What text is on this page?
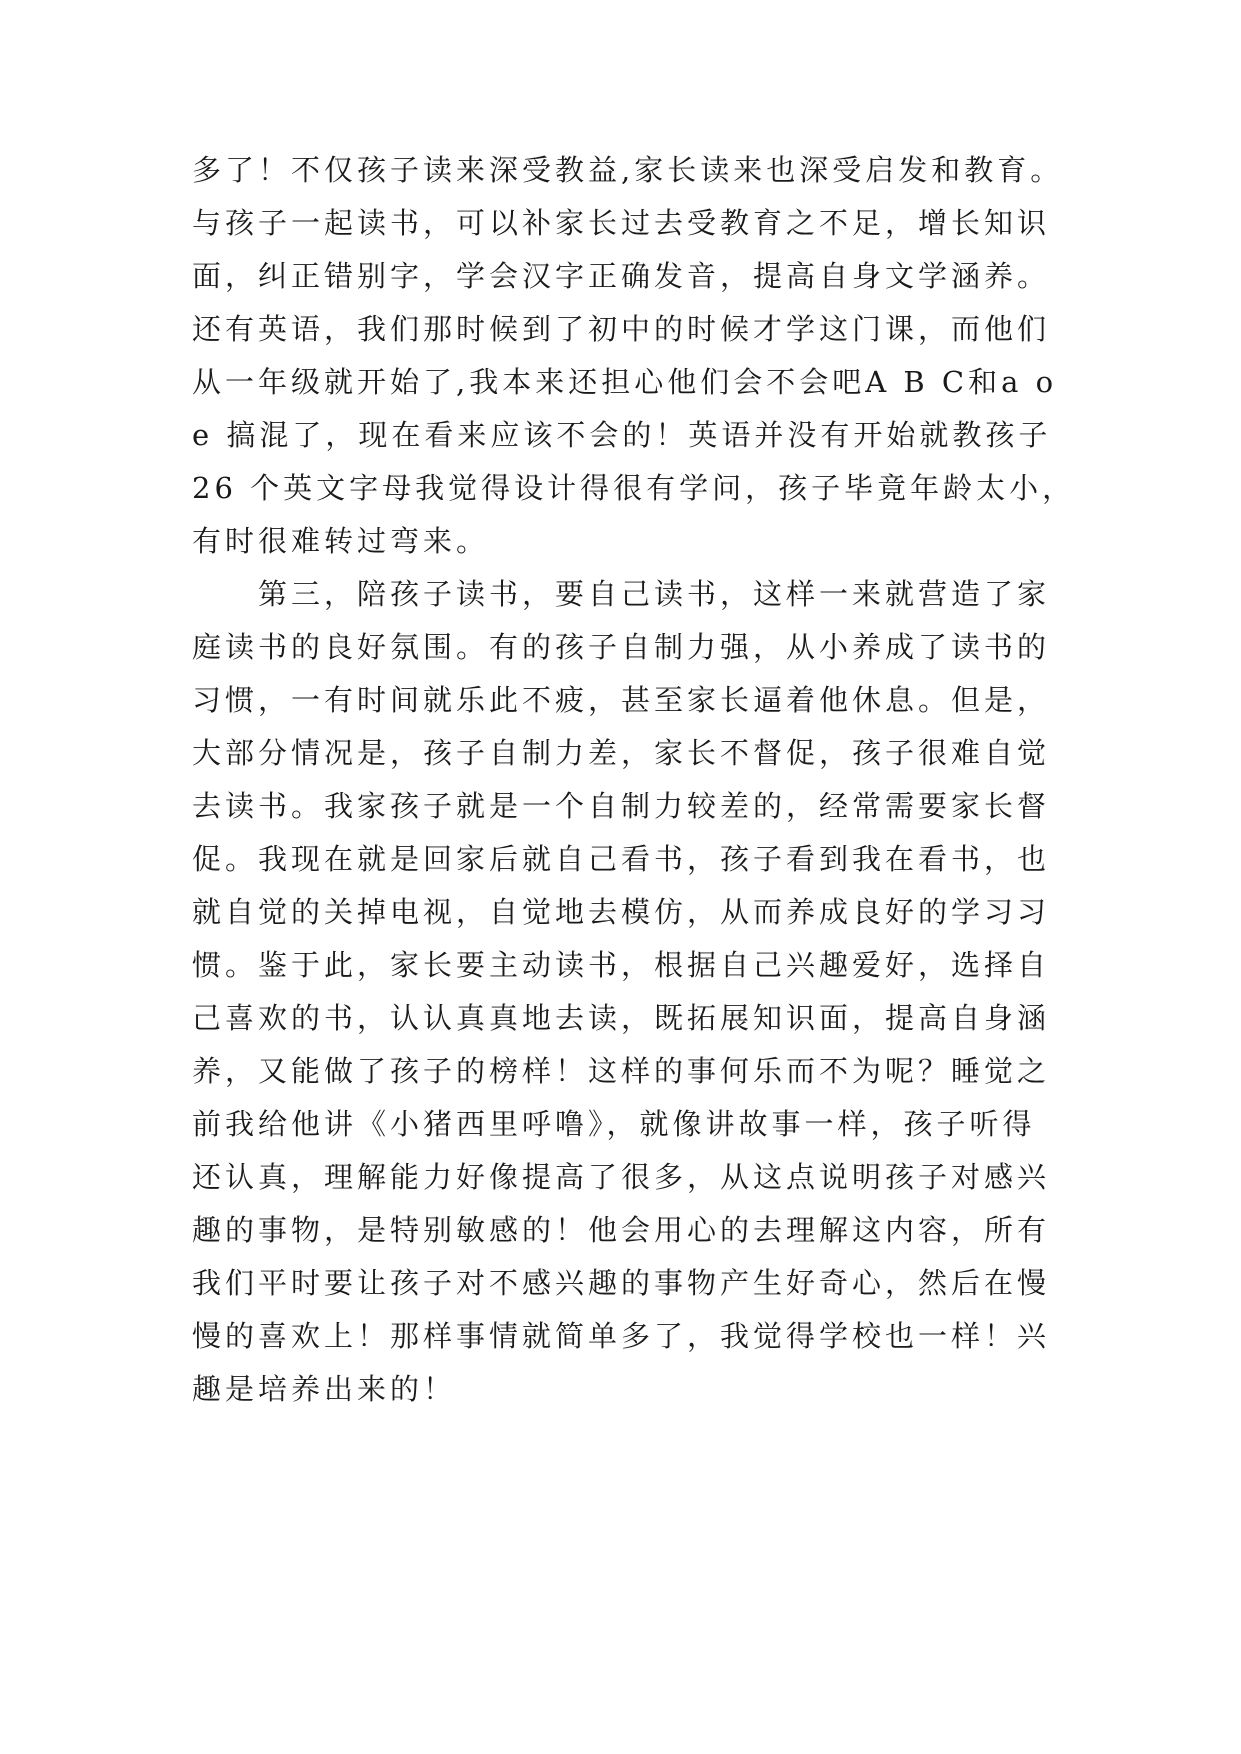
多了！不仅孩子读来深受教益,家长读来也深受启发和教育。
与孩子一起读书，可以补家长过去受教育之不足，增长知识
面，纠正错别字，学会汉字正确发音，提高自身文学涵养。
还有英语，我们那时候到了初中的时候才学这门课，而他们
从一年级就开始了,我本来还担心他们会不会吧A B C和a o
e 搞混了，现在看来应该不会的！英语并没有开始就教孩子
26 个英文字母我觉得设计得很有学问，孩子毕竟年龄太小，
有时很难转过弯来。
第三，陪孩子读书，要自己读书，这样一来就营造了家
庭读书的良好氛围。有的孩子自制力强，从小养成了读书的
习惯，一有时间就乐此不疲，甚至家长逼着他休息。但是，
大部分情况是，孩子自制力差，家长不督促，孩子很难自觉
去读书。我家孩子就是一个自制力较差的，经常需要家长督
促。我现在就是回家后就自己看书，孩子看到我在看书，也
就自觉的关掉电视，自觉地去模仿，从而养成良好的学习习
惯。鉴于此，家长要主动读书，根据自己兴趣爱好，选择自
己喜欢的书，认认真真地去读，既拓展知识面，提高自身涵
养，又能做了孩子的榜样！这样的事何乐而不为呢？睡觉之
前我给他讲《小猪西里呼噜》，就像讲故事一样，孩子听得
还认真，理解能力好像提高了很多，从这点说明孩子对感兴
趣的事物，是特别敏感的！他会用心的去理解这内容，所有
我们平时要让孩子对不感兴趣的事物产生好奇心，然后在慢
慢的喜欢上！那样事情就简单多了，我觉得学校也一样！兴
趣是培养出来的！
